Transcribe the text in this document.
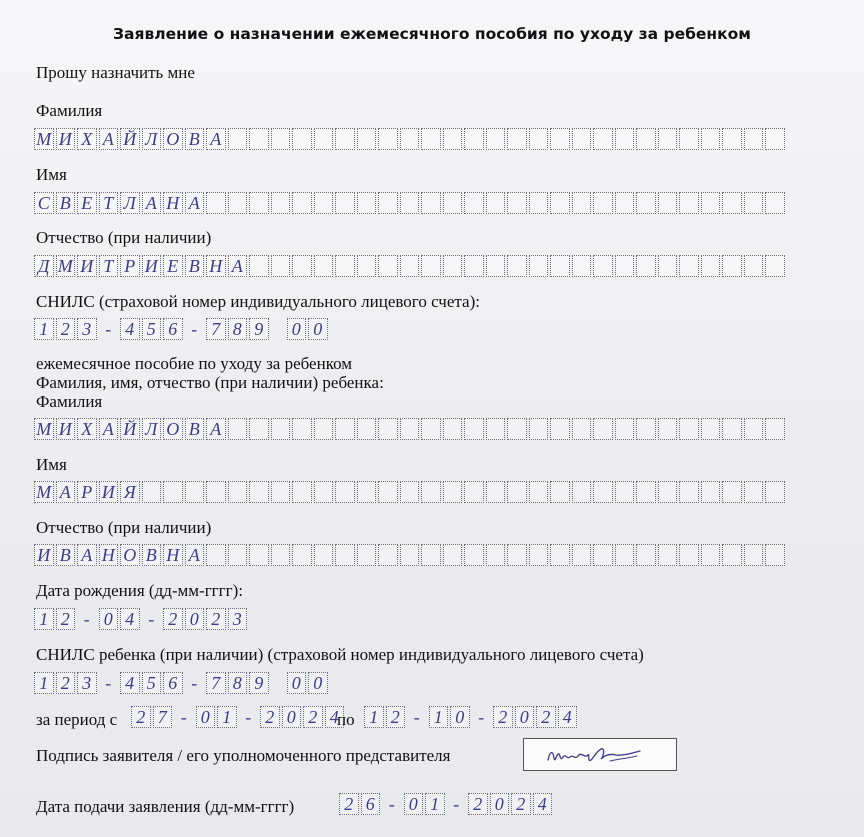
Заявление о назначении ежемесячного пособия по уходу за ребенком
Прошу назначить мне
Фамилия
М И Х А Й Л О В А
Имя
С В Е Т Л А Н А
Отчество (при наличии)
Д М И Т Р И Е В Н А
СНИЛС (страховой номер индивидуального лицевого счета):
1 2 3 - 4 5 6 - 7 8 9 0 0
ежемесячное пособие по уходу за ребенком
Фамилия, имя, отчество (при наличии) ребенка:
Фамилия
М И Х А Й Л О В А
Имя
М А Р И Я
Отчество (при наличии)
И В А Н О В Н А
Дата рождения (дд-мм-гггг):
1 2 - 0 4 - 2 0 2 3
СНИЛС ребенка (при наличии) (страховой номер индивидуального лицевого счета)
1 2 3 - 4 5 6 - 7 8 9 0 0
за период с 2 7 - 0 1 - 2 0 2 4
по 1 2 - 1 0 - 2 0 2 4
Подпись заявителя / его уполномоченного представителя
Дата подачи заявления (дд-мм-гггг)	2 6 - 0 1 - 2 0 2 4
